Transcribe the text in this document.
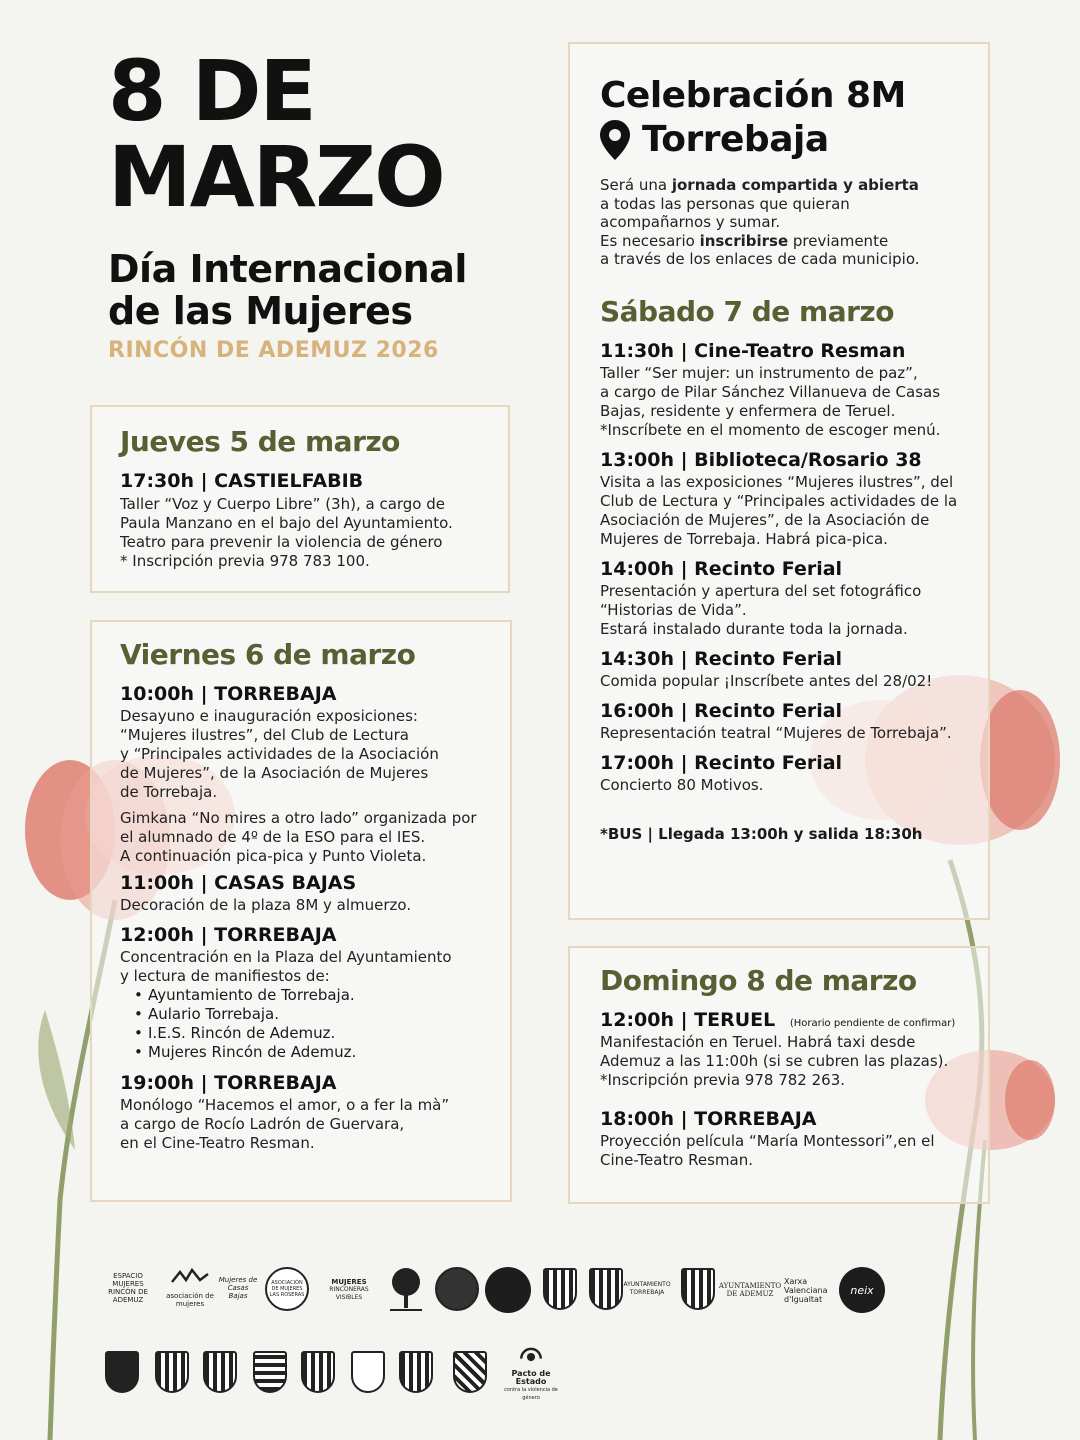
8 DE
MARZO
Día Internacional
de las Mujeres
RINCÓN DE ADEMUZ 2026
Jueves 5 de marzo
17:30h | CASTIELFABIB
Taller “Voz y Cuerpo Libre” (3h), a cargo de
Paula Manzano en el bajo del Ayuntamiento.
Teatro para prevenir la violencia de género
* Inscripción previa 978 783 100.
Viernes 6 de marzo
10:00h | TORREBAJA
Desayuno e inauguración exposiciones:
“Mujeres ilustres”, del Club de Lectura
y “Principales actividades de la Asociación
de Mujeres”, de la Asociación de Mujeres
de Torrebaja.
Gimkana “No mires a otro lado” organizada por
el alumnado de 4º de la ESO para el IES.
A continuación pica-pica y Punto Violeta.
11:00h | CASAS BAJAS
Decoración de la plaza 8M y almuerzo.
12:00h | TORREBAJA
Concentración en la Plaza del Ayuntamiento
y lectura de manifiestos de:
• Ayuntamiento de Torrebaja.
• Aulario Torrebaja.
• I.E.S. Rincón de Ademuz.
• Mujeres Rincón de Ademuz.
19:00h | TORREBAJA
Monólogo “Hacemos el amor, o a fer la mà”
a cargo de Rocío Ladrón de Guervara,
en el Cine-Teatro Resman.
Celebración 8M
Torrebaja
Será una jornada compartida y abierta
a todas las personas que quieran
acompañarnos y sumar.
Es necesario inscribirse previamente
a través de los enlaces de cada municipio.
Sábado 7 de marzo
11:30h | Cine-Teatro Resman
Taller “Ser mujer: un instrumento de paz”,
a cargo de Pilar Sánchez Villanueva de Casas
Bajas, residente y enfermera de Teruel.
*Inscríbete en el momento de escoger menú.
13:00h | Biblioteca/Rosario 38
Visita a las exposiciones “Mujeres ilustres”, del
Club de Lectura y “Principales actividades de la
Asociación de Mujeres”, de la Asociación de
Mujeres de Torrebaja. Habrá pica-pica.
14:00h | Recinto Ferial
Presentación y apertura del set fotográfico
“Historias de Vida”.
Estará instalado durante toda la jornada.
14:30h | Recinto Ferial
Comida popular ¡Inscríbete antes del 28/02!
16:00h | Recinto Ferial
Representación teatral “Mujeres de Torrebaja”.
17:00h | Recinto Ferial
Concierto 80 Motivos.
*BUS | Llegada 13:00h y salida 18:30h
Domingo 8 de marzo
12:00h | TERUEL (Horario pendiente de confirmar)
Manifestación en Teruel. Habrá taxi desde
Ademuz a las 11:00h (si se cubren las plazas).
*Inscripción previa 978 782 263.
18:00h | TORREBAJA
Proyección película “María Montessori”,en el
Cine-Teatro Resman.
ESPACIO MUJERES RINCÓN DE ADEMUZ	asociación de mujeres
Mujeres de Casas Bajas
ASOCIACIÓN DE MUJERES LAS ROSERAS
MUJERES
RINCONERAS VISIBLES
AYUNTAMIENTO TORREBAJA
AYUNTAMIENTO DE ADEMUZ
Xarxa Valenciana d'Igualtat
neix
Pacto de Estado
contra la violencia de género
